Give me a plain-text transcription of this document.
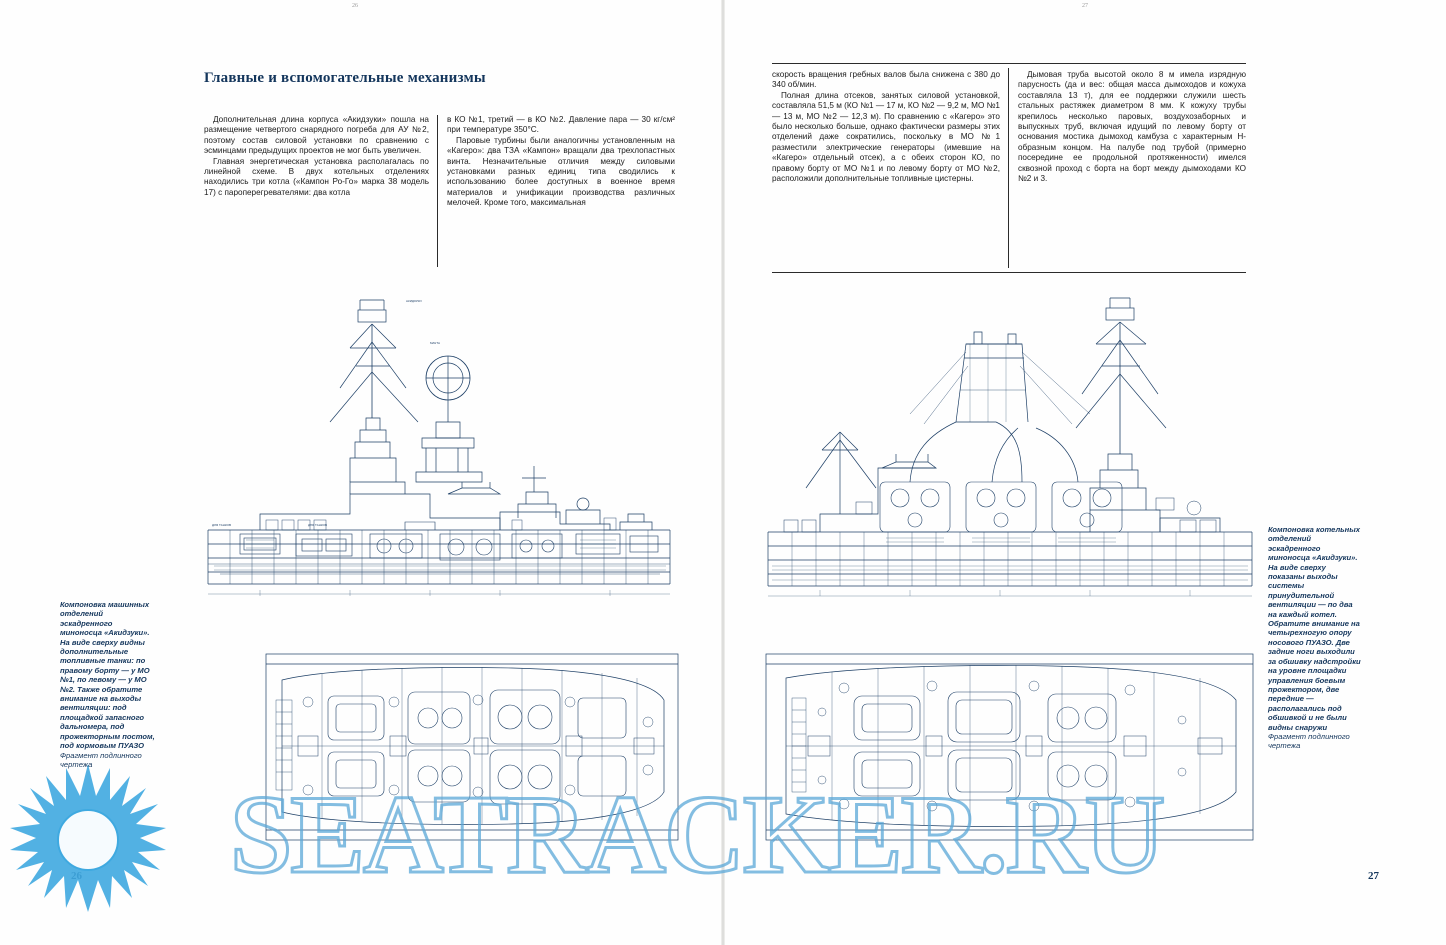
26	27
Главные и вспомогательные механизмы

Дополнительная длина корпуса «Акидзуки» пошла на размещение четвертого снарядного погреба для АУ №2, поэтому состав силовой установки по сравнению с эсминцами предыдущих проектов не мог быть увеличен.

Главная энергетическая установка располагалась по линейной схеме. В двух котельных отделениях находились три котла («Кампон Ро-Го» марка 38 модель 17) с пароперегревателями: два котла

в КО №1, третий — в КО №2. Давление пара — 30 кг/см² при температуре 350°C.

Паровые турбины были аналогичны установленным на «Кагеро»: два ТЗА «Кампон» вращали два трехлопастных винта. Незначительные отличия между силовыми установками разных единиц типа сводились к использованию более доступных в военное время материалов и унификации производства различных мелочей. Кроме того, максимальная

скорость вращения гребных валов была снижена с 380 до 340 об/мин.

Полная длина отсеков, занятых силовой установкой, составляла 51,5 м (КО №1 — 17 м, КО №2 — 9,2 м, МО №1 — 13 м, МО №2 — 12,3 м). По сравнению с «Кагеро» это было несколько больше, однако фактически размеры этих отделений даже сократились, поскольку в МО №1 разместили электрические генераторы (имевшие на «Кагеро» отдельный отсек), а с обеих сторон КО, по правому борту от МО №1 и по левому борту от МО №2, расположили дополнительные топливные цистерны.

Дымовая труба высотой около 8 м имела изрядную парусность (да и вес: общая масса дымоходов и кожуха составляла 13 т), для ее поддержки служили шесть стальных растяжек диаметром 8 мм. К кожуху трубы крепилось несколько паровых, воздухозаборных и выпускных труб, включая идущий по левому борту от основания мостика дымоход камбуза с характерным Н-образным концом. На палубе под трубой (примерно посередине ее продольной протяженности) имелся сквозной проход с борта на борт между дымоходами КО №2 и 3.

АКИДЗУКИ
МАЧТА
ДЛЯ ТАНКОВ	ДЛЯ ТАНКОВ
Компоновка машинных отделений эскадренного миноносца «Акидзуки». На виде сверху видны дополнительные топливные танки: по правому борту — у МО №1, по левому — у МО №2. Также обратите внимание на выходы вентиляции: под площадкой запасного дальномера, под прожекторным постом, под кормовым ПУАЗО Фрагмент подлинного чертежа
Компоновка котельных отделений эскадренного миноносца «Акидзуки». На виде сверху показаны выходы системы принудительной вентиляции — по два на каждый котел. Обратите внимание на четырехногую опору носового ПУАЗО. Две задние ноги выходили за обшивку надстройки на уровне площадки управления боевым прожектором, две передние — располагались под обшивкой и не были видны снаружи Фрагмент подлинного чертежа
27
SEATRACKER.RU
